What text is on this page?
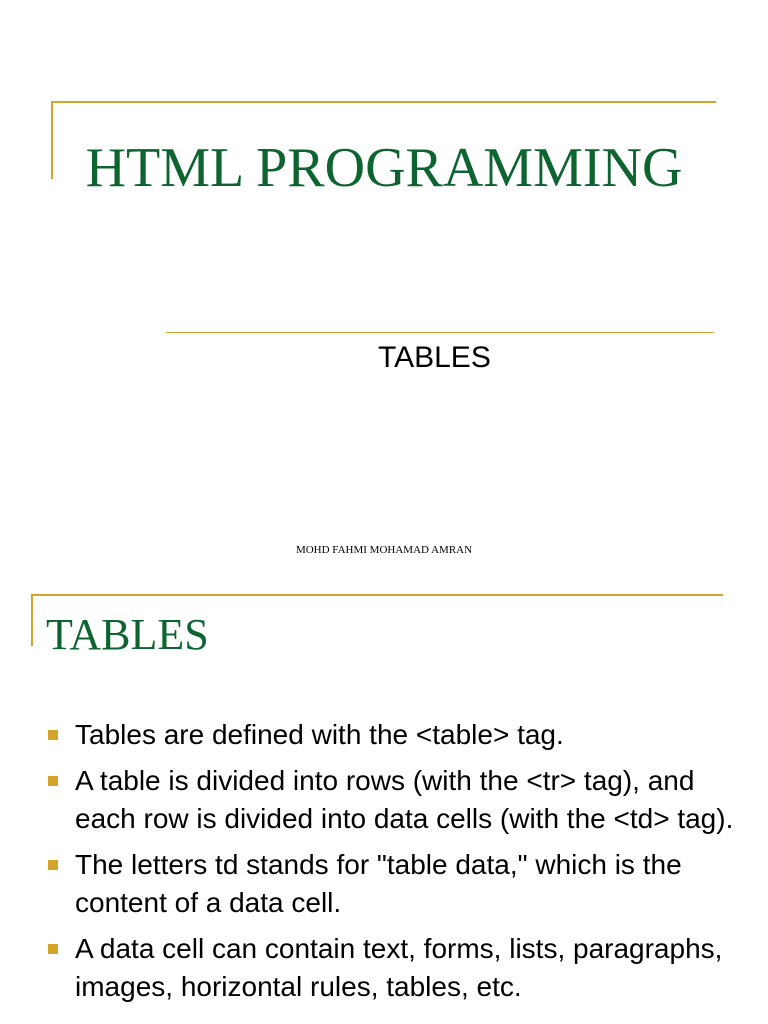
HTML PROGRAMMING

TABLES

MOHD FAHMI MOHAMAD AMRAN

TABLES
Tables are defined with the <table> tag.
A table is divided into rows (with the <tr> tag), and each row is divided into data cells (with the <td> tag).
The letters td stands for "table data," which is the content of a data cell.
A data cell can contain text, forms, lists, paragraphs, images, horizontal rules, tables, etc.
